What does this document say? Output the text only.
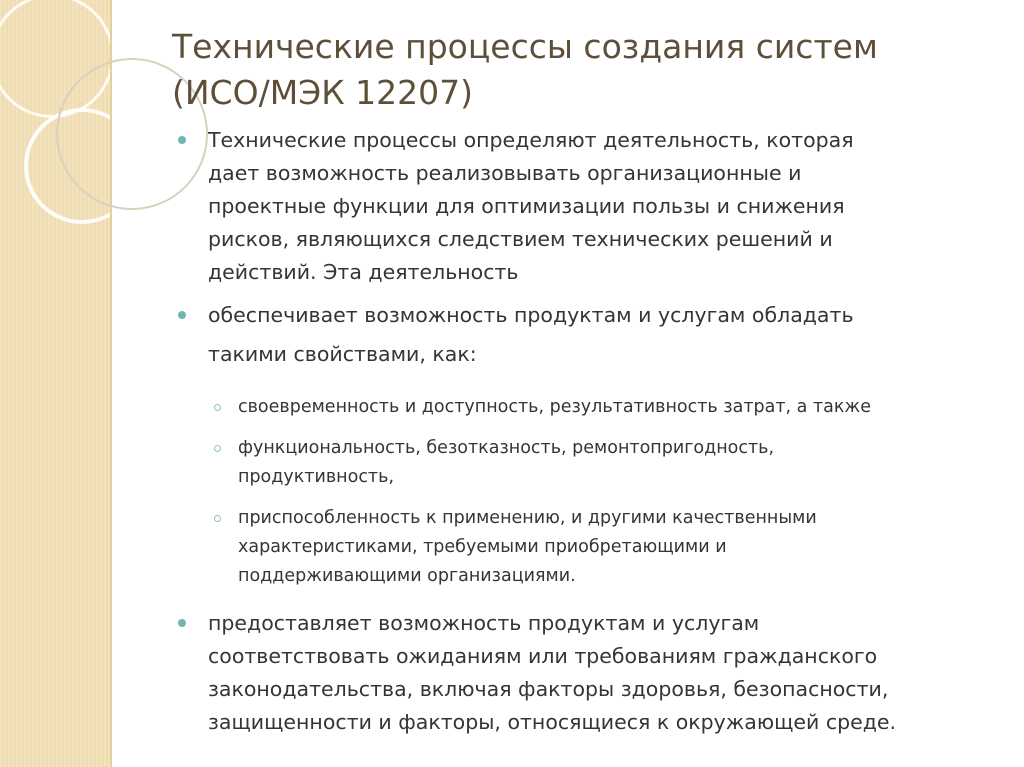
Технические процессы создания систем
(ИСО/МЭК 12207)
Технические процессы определяют деятельность, которая
дает возможность реализовывать организационные и
проектные функции для оптимизации пользы и снижения
рисков, являющихся следствием технических решений и
действий. Эта деятельность
обеспечивает возможность продуктам и услугам обладать
такими свойствами, как:
своевременность и доступность, результативность затрат, а также
функциональность, безотказность, ремонтопригодность,
продуктивность,
приспособленность к применению, и другими качественными
характеристиками, требуемыми приобретающими и
поддерживающими организациями.
предоставляет возможность продуктам и услугам
соответствовать ожиданиям или требованиям гражданского
законодательства, включая факторы здоровья, безопасности,
защищенности и факторы, относящиеся к окружающей среде.
